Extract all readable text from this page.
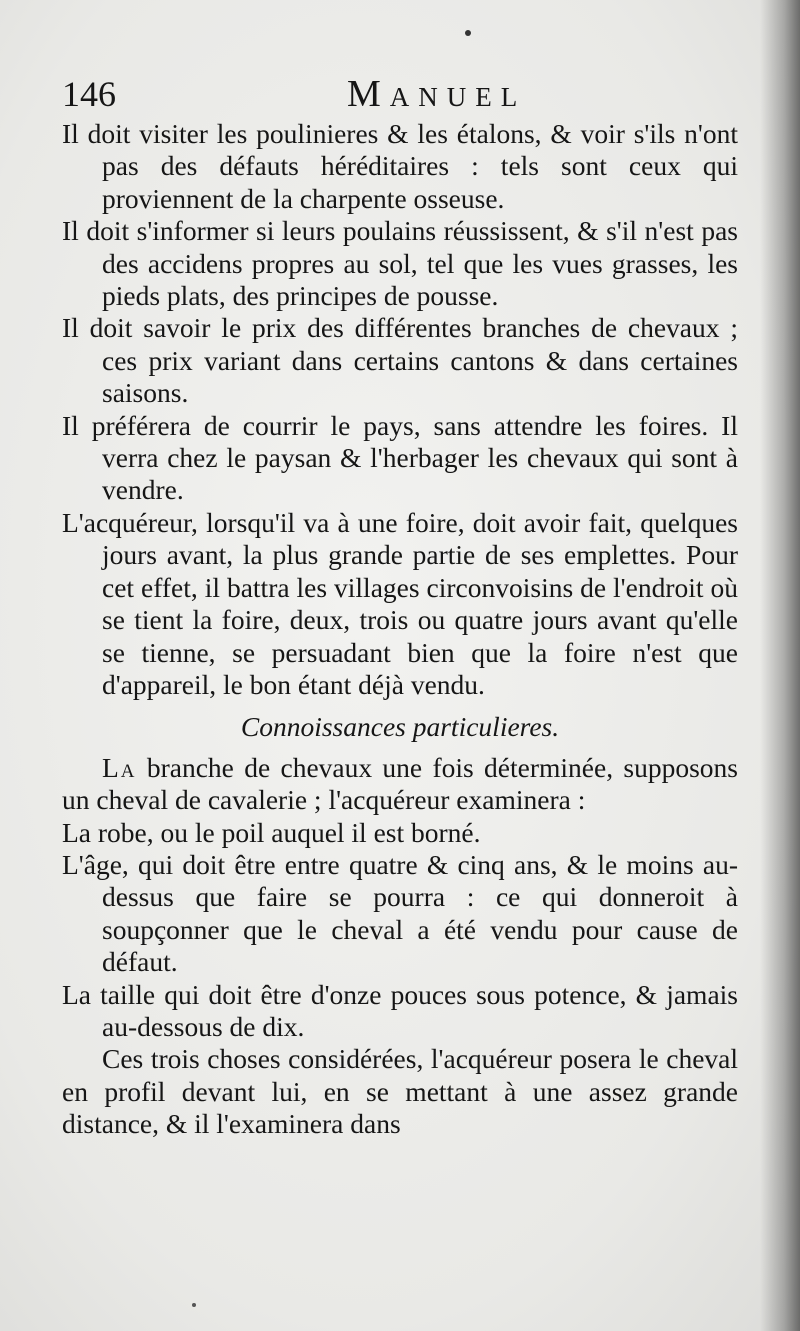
146	Manuel

Il doit visiter les poulinieres & les étalons, & voir s'ils n'ont pas des défauts héréditaires : tels sont ceux qui proviennent de la charpente osseuse.

Il doit s'informer si leurs poulains réussissent, & s'il n'est pas des accidens propres au sol, tel que les vues grasses, les pieds plats, des principes de pousse.

Il doit savoir le prix des différentes branches de chevaux ; ces prix variant dans certains cantons & dans certaines saisons.

Il préférera de courrir le pays, sans attendre les foires. Il verra chez le paysan & l'herbager les chevaux qui sont à vendre.

L'acquéreur, lorsqu'il va à une foire, doit avoir fait, quelques jours avant, la plus grande partie de ses emplettes. Pour cet effet, il battra les villages circonvoisins de l'endroit où se tient la foire, deux, trois ou quatre jours avant qu'elle se tienne, se persuadant bien que la foire n'est que d'appareil, le bon étant déjà vendu.

Connoissances particulieres.

La branche de chevaux une fois déterminée, supposons un cheval de cavalerie ; l'acquéreur examinera :

La robe, ou le poil auquel il est borné.

L'âge, qui doit être entre quatre & cinq ans, & le moins au-dessus que faire se pourra : ce qui donneroit à soupçonner que le cheval a été vendu pour cause de défaut.

La taille qui doit être d'onze pouces sous potence, & jamais au-dessous de dix.

Ces trois choses considérées, l'acquéreur posera le cheval en profil devant lui, en se mettant à une assez grande distance, & il l'examinera dans
